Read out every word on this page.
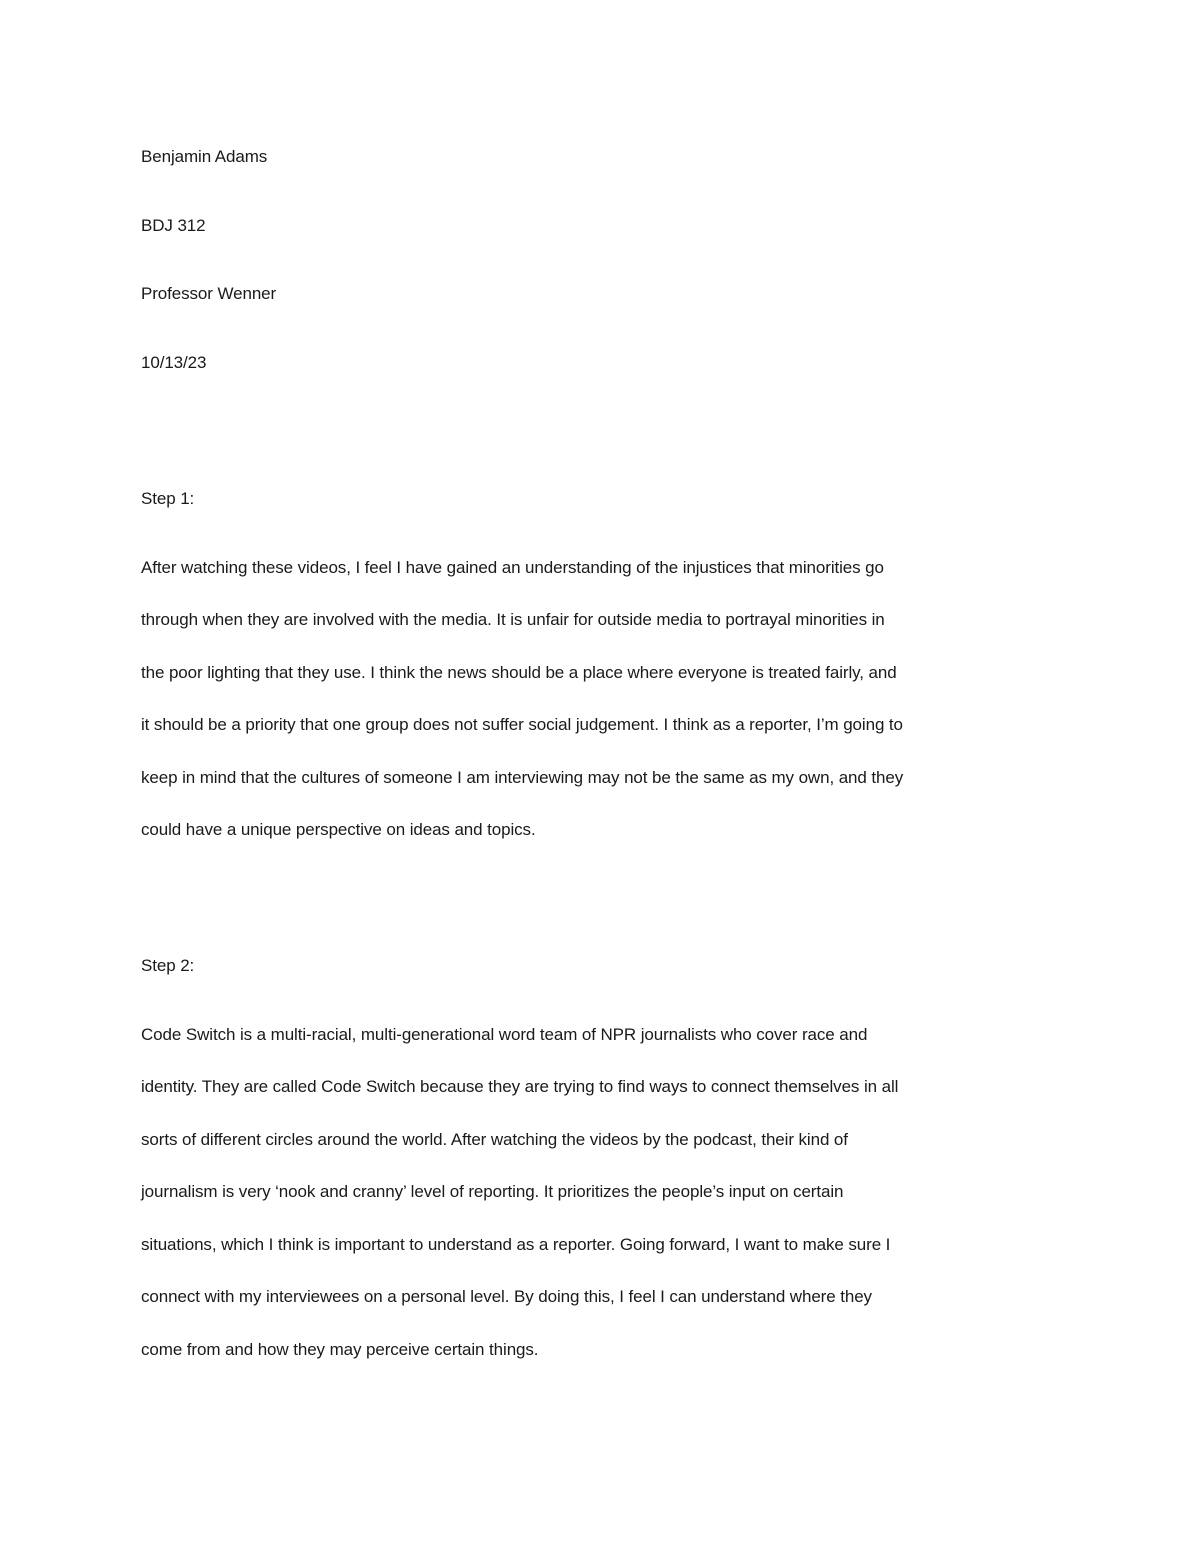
Benjamin Adams

BDJ 312

Professor Wenner

10/13/23

Step 1:

After watching these videos, I feel I have gained an understanding of the injustices that minorities go
through when they are involved with the media. It is unfair for outside media to portrayal minorities in
the poor lighting that they use. I think the news should be a place where everyone is treated fairly, and
it should be a priority that one group does not suffer social judgement. I think as a reporter, I’m going to
keep in mind that the cultures of someone I am interviewing may not be the same as my own, and they
could have a unique perspective on ideas and topics.

Step 2:

Code Switch is a multi-racial, multi-generational word team of NPR journalists who cover race and
identity. They are called Code Switch because they are trying to find ways to connect themselves in all
sorts of different circles around the world. After watching the videos by the podcast, their kind of
journalism is very ‘nook and cranny’ level of reporting. It prioritizes the people’s input on certain
situations, which I think is important to understand as a reporter. Going forward, I want to make sure I
connect with my interviewees on a personal level. By doing this, I feel I can understand where they
come from and how they may perceive certain things.
